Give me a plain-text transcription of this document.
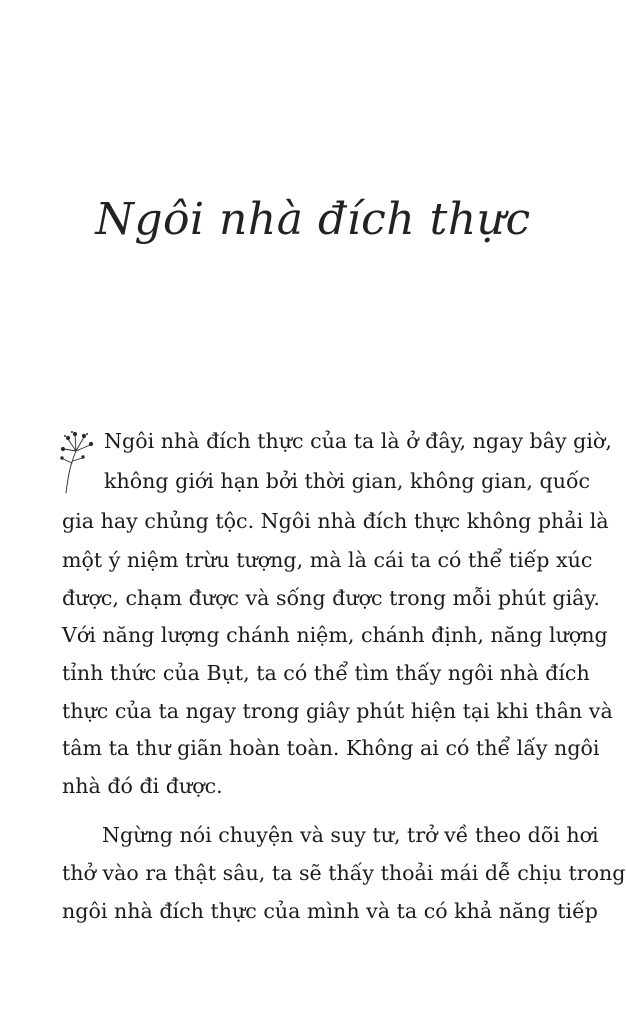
Ngôi nhà đích thực

Ngôi nhà đích thực của ta là ở đây, ngay bây giờ,

không giới hạn bởi thời gian, không gian, quốc

gia hay chủng tộc. Ngôi nhà đích thực không phải là

một ý niệm trừu tượng, mà là cái ta có thể tiếp xúc

được, chạm được và sống được trong mỗi phút giây.

Với năng lượng chánh niệm, chánh định, năng lượng

tỉnh thức của Bụt, ta có thể tìm thấy ngôi nhà đích

thực của ta ngay trong giây phút hiện tại khi thân và

tâm ta thư giãn hoàn toàn. Không ai có thể lấy ngôi

nhà đó đi được.

Ngừng nói chuyện và suy tư, trở về theo dõi hơi

thở vào ra thật sâu, ta sẽ thấy thoải mái dễ chịu trong

ngôi nhà đích thực của mình và ta có khả năng tiếp
